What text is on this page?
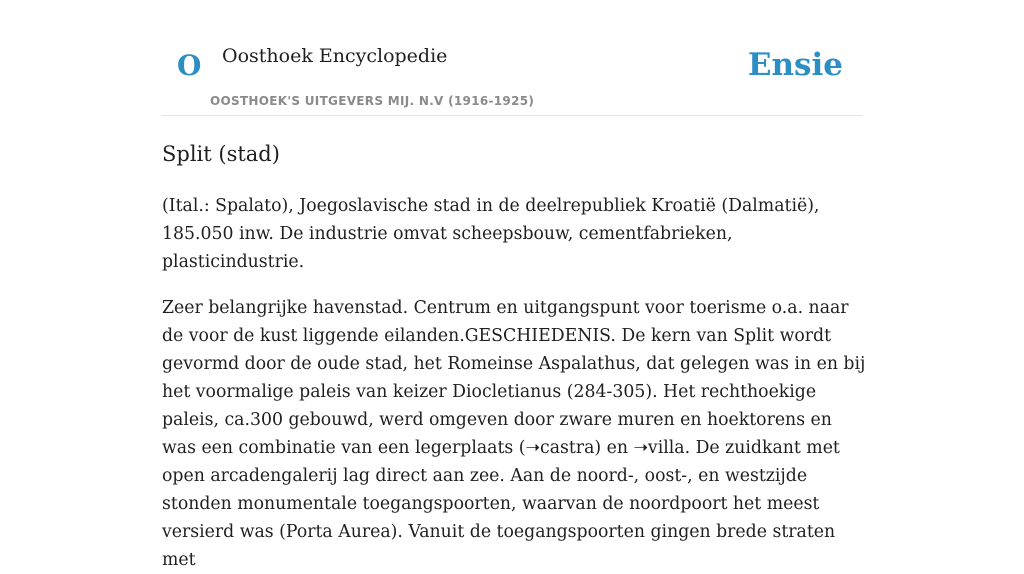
O Oosthoek Encyclopedie
OOSTHOEK'S UITGEVERS MIJ. N.V (1916-1925)
Ensie
Split (stad)

(Ital.: Spalato), Joegoslavische stad in de deelrepubliek Kroatië (Dalmatië), 185.050 inw. De industrie omvat scheepsbouw, cementfabrieken, plasticindustrie.

Zeer belangrijke havenstad. Centrum en uitgangspunt voor toerisme o.a. naar de voor de kust liggende eilanden.GESCHIEDENIS. De kern van Split wordt gevormd door de oude stad, het Romeinse Aspalathus, dat gelegen was in en bij het voormalige paleis van keizer Diocletianus (284-305). Het rechthoekige paleis, ca.300 gebouwd, werd omgeven door zware muren en hoektorens en was een combinatie van een legerplaats (➝castra) en ➝villa. De zuidkant met open arcadengalerij lag direct aan zee. Aan de noord-, oost-, en westzijde stonden monumentale toegangspoorten, waarvan de noordpoort het meest versierd was (Porta Aurea). Vanuit de toegangspoorten gingen brede straten met
